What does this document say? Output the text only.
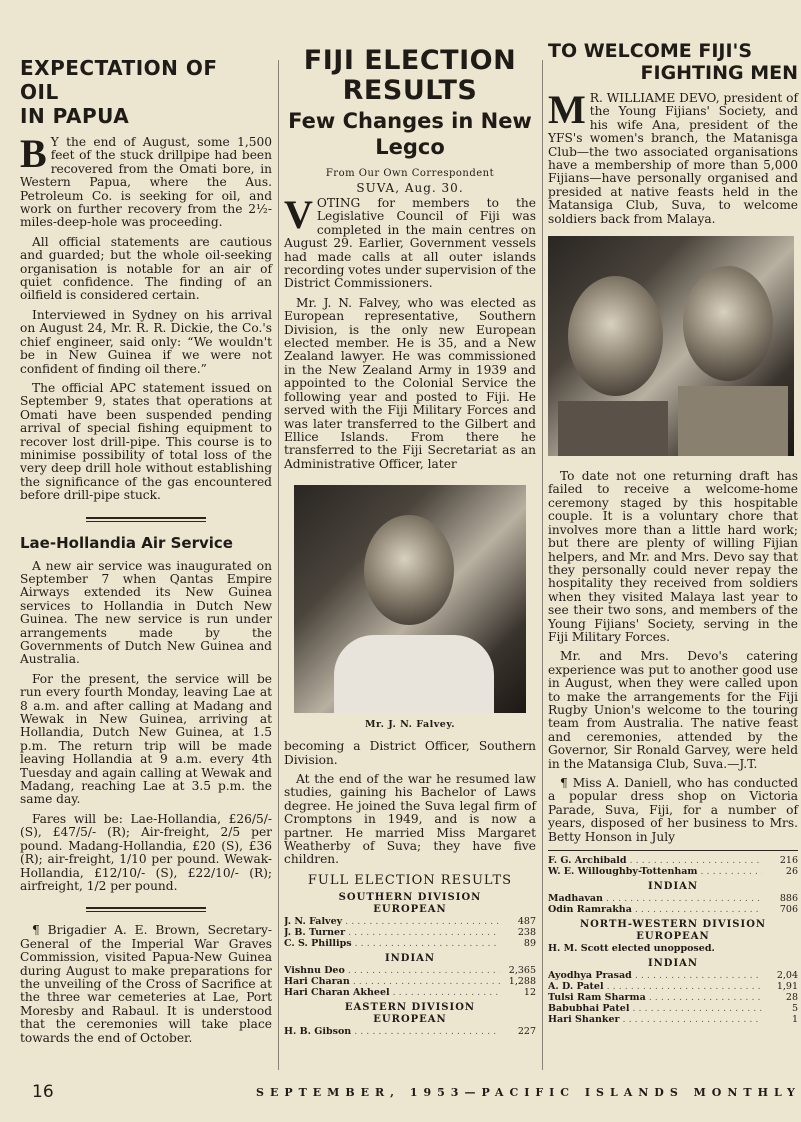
EXPECTATION OF
OIL
IN PAPUA
B Y the end of August, some 1,500 feet of the stuck drillpipe had been recovered from the Omati bore, in Western Papua, where the Aus. Petroleum Co. is seeking for oil, and work on further recovery from the 2½-miles-deep-hole was proceeding.

All official statements are cautious and guarded; but the whole oil-seeking organisation is notable for an air of quiet confidence. The finding of an oilfield is considered certain.

Interviewed in Sydney on his arrival on August 24, Mr. R. R. Dickie, the Co.'s chief engineer, said only: “We wouldn't be in New Guinea if we were not confident of finding oil there.”

The official APC statement issued on September 9, states that operations at Omati have been suspended pending arrival of special fishing equipment to recover lost drill-pipe. This course is to minimise possibility of total loss of the very deep drill hole without establishing the significance of the gas encountered before drill-pipe stuck.

Lae-Hollandia Air Service

A new air service was inaugurated on September 7 when Qantas Empire Airways extended its New Guinea services to Hollandia in Dutch New Guinea. The new service is run under arrangements made by the Governments of Dutch New Guinea and Australia.

For the present, the service will be run every fourth Monday, leaving Lae at 8 a.m. and after calling at Madang and Wewak in New Guinea, arriving at Hollandia, Dutch New Guinea, at 1.5 p.m. The return trip will be made leaving Hollandia at 9 a.m. every 4th Tuesday and again calling at Wewak and Madang, reaching Lae at 3.5 p.m. the same day.

Fares will be: Lae-Hollandia, £26/5/- (S), £47/5/- (R); Air-freight, 2/5 per pound. Madang-Hollandia, £20 (S), £36 (R); air-freight, 1/10 per pound. Wewak-Hollandia, £12/10/- (S), £22/10/- (R); airfreight, 1/2 per pound.

¶ Brigadier A. E. Brown, Secretary-General of the Imperial War Graves Commission, visited Papua-New Guinea during August to make preparations for the unveiling of the Cross of Sacrifice at the three war cemeteries at Lae, Port Moresby and Rabaul. It is understood that the ceremonies will take place towards the end of October.

FIJI ELECTION RESULTS
Few Changes in New Legco
From Our Own Correspondent
SUVA, Aug. 30.
V OTING for members to the Legislative Council of Fiji was completed in the main centres on August 29. Earlier, Government vessels had made calls at all outer islands recording votes under supervision of the District Commissioners.

Mr. J. N. Falvey, who was elected as European representative, Southern Division, is the only new European elected member. He is 35, and a New Zealand lawyer. He was commissioned in the New Zealand Army in 1939 and appointed to the Colonial Service the following year and posted to Fiji. He served with the Fiji Military Forces and was later transferred to the Gilbert and Ellice Islands. From there he transferred to the Fiji Secretariat as an Administrative Officer, later

Mr. J. N. Falvey.

becoming a District Officer, Southern Division.

At the end of the war he resumed law studies, gaining his Bachelor of Laws degree. He joined the Suva legal firm of Cromptons in 1949, and is now a partner. He married Miss Margaret Weatherby of Suva; they have five children.

FULL ELECTION RESULTS
SOUTHERN DIVISION
EUROPEAN
J. N. Falvey . . .	487
J. B. Turner . . .	238
C. S. Phillips . . .	89
INDIAN
Vishnu Deo . . .	2,365
Hari Charan . . .	1,288
Hari Charan Akheel . . .	12
EASTERN DIVISION
EUROPEAN
H. B. Gibson . . .	227
TO WELCOME FIJI'S
FIGHTING MEN
M R. WILLIAME DEVO, president of the Young Fijians' Society, and his wife Ana, president of the YFS's women's branch, the Matanisga Club—the two associated organisations have a membership of more than 5,000 Fijians—have personally organised and presided at native feasts held in the Matansiga Club, Suva, to welcome soldiers back from Malaya.

To date not one returning draft has failed to receive a welcome-home ceremony staged by this hospitable couple. It is a voluntary chore that involves more than a little hard work; but there are plenty of willing Fijian helpers, and Mr. and Mrs. Devo say that they personally could never repay the hospitality they received from soldiers when they visited Malaya last year to see their two sons, and members of the Young Fijians' Society, serving in the Fiji Military Forces.

Mr. and Mrs. Devo's catering experience was put to another good use in August, when they were called upon to make the arrangements for the Fiji Rugby Union's welcome to the touring team from Australia. The native feast and ceremonies, attended by the Governor, Sir Ronald Garvey, were held in the Matansiga Club, Suva.—J.T.

¶ Miss A. Daniell, who has conducted a popular dress shop on Victoria Parade, Suva, Fiji, for a number of years, disposed of her business to Mrs. Betty Honson in July

F. G. Archibald . . .	216
W. E. Willoughby-Tottenham . . .	26
INDIAN
Madhavan . . .	886
Odin Ramrakha . . .	706
NORTH-WESTERN DIVISION
EUROPEAN
H. M. Scott elected unopposed.
INDIAN
Ayodhya Prasad . . .	2,04
A. D. Patel . . .	1,91
Tulsi Ram Sharma . . .	28
Babubhai Patel . . .	5
Hari Shanker . . .	1
16	SEPTEMBER, 1953—PACIFIC ISLANDS MONTHLY
